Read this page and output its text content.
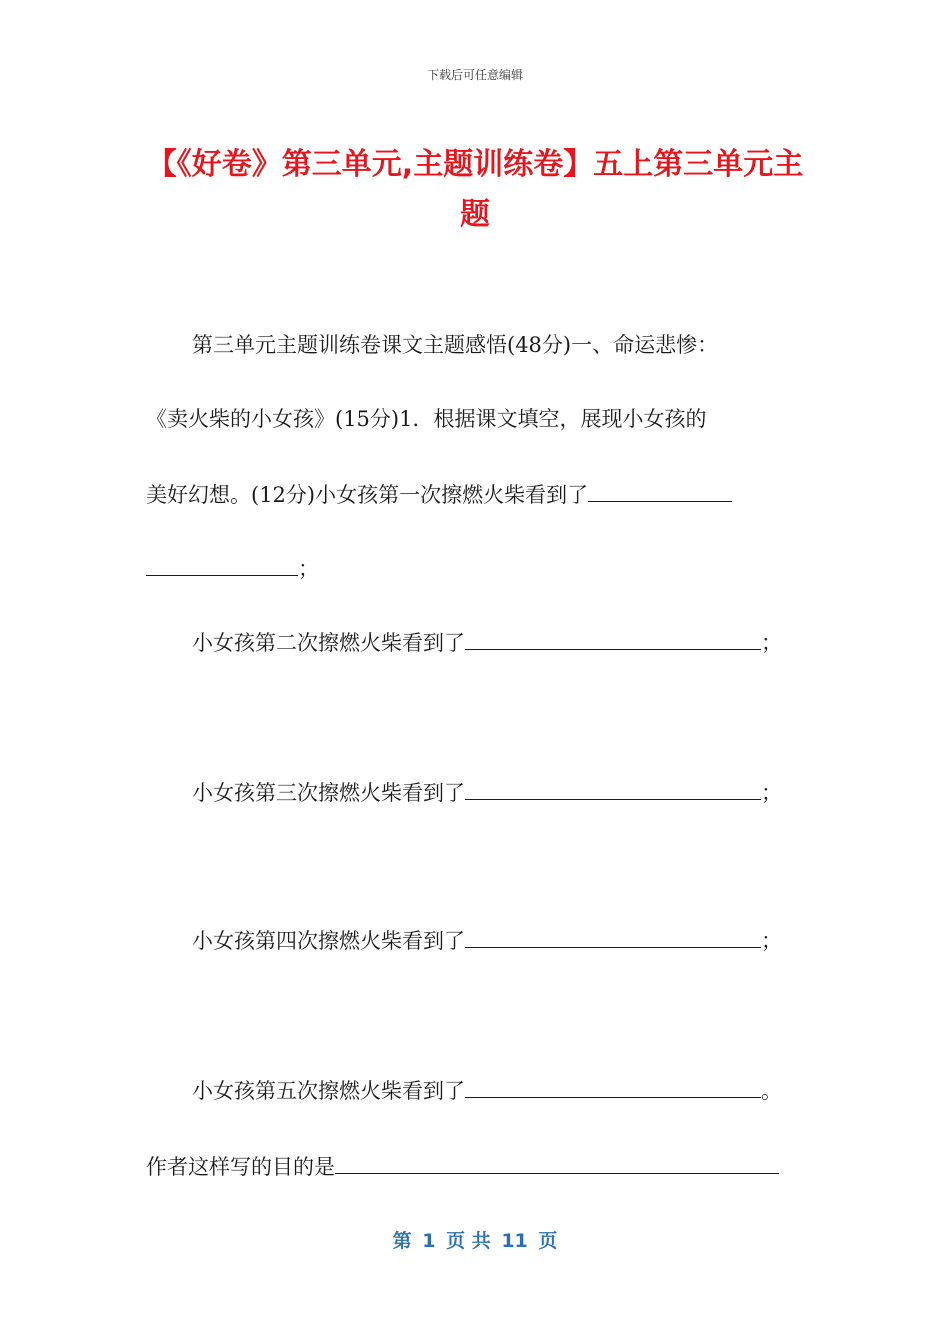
下载后可任意编辑
【《好卷》第三单元,主题训练卷】五上第三单元主题
第三单元主题训练卷课文主题感悟(48分)一、命运悲惨：
《卖火柴的小女孩》(15分)1．根据课文填空，展现小女孩的
美好幻想。(12分)小女孩第一次擦燃火柴看到了
；
小女孩第二次擦燃火柴看到了	；
小女孩第三次擦燃火柴看到了	；
小女孩第四次擦燃火柴看到了	；
小女孩第五次擦燃火柴看到了	。
作者这样写的目的是
第 1 页 共 11 页
